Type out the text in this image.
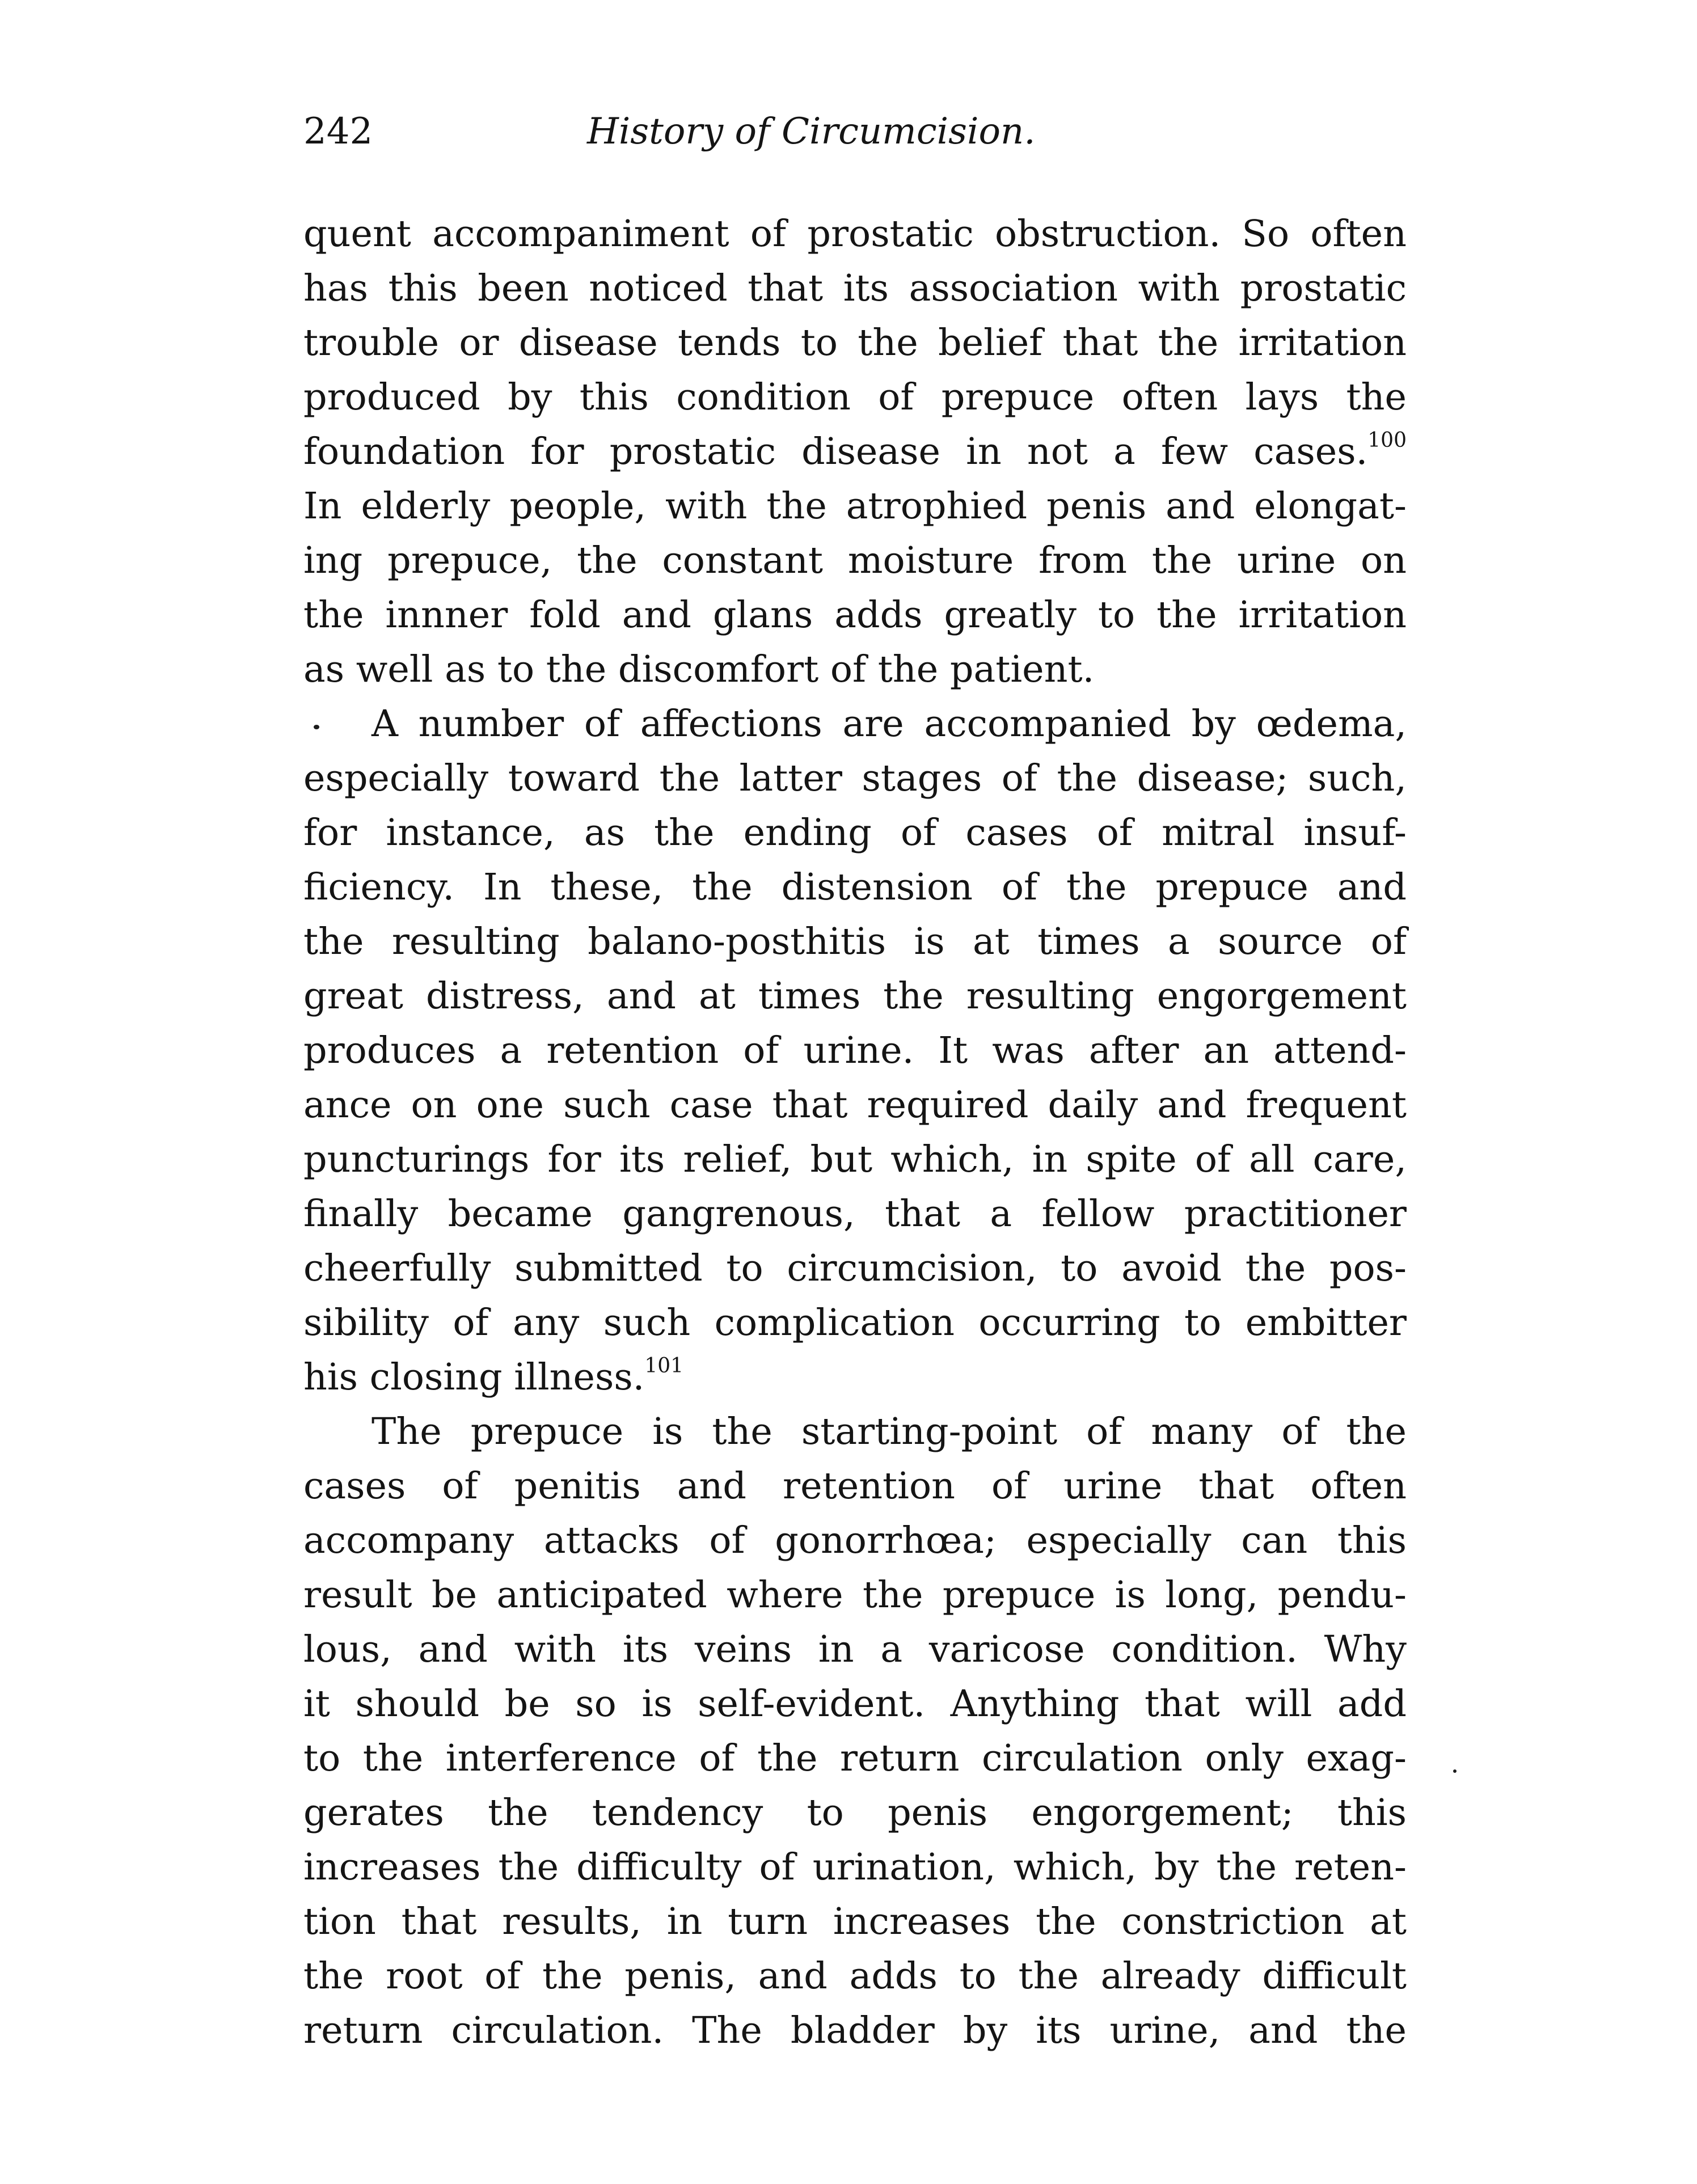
242	History of Circumcision.
quent accompaniment of prostatic obstruction. So often
has this been noticed that its association with prostatic
trouble or disease tends to the belief that the irritation
produced by this condition of prepuce often lays the
foundation for prostatic disease in not a few cases.$^{100}$
In elderly people, with the atrophied penis and elongat-
ing prepuce, the constant moisture from the urine on
the innner fold and glans adds greatly to the irritation
as well as to the discomfort of the patient.
A number of affections are accompanied by œdema,
especially toward the latter stages of the disease; such,
for instance, as the ending of cases of mitral insuf-
ficiency. In these, the distension of the prepuce and
the resulting balano-posthitis is at times a source of
great distress, and at times the resulting engorgement
produces a retention of urine. It was after an attend-
ance on one such case that required daily and frequent
puncturings for its relief, but which, in spite of all care,
finally became gangrenous, that a fellow practitioner
cheerfully submitted to circumcision, to avoid the pos-
sibility of any such complication occurring to embitter
his closing illness.$^{101}$
The prepuce is the starting-point of many of the
cases of penitis and retention of urine that often
accompany attacks of gonorrhœa; especially can this
result be anticipated where the prepuce is long, pendu-
lous, and with its veins in a varicose condition. Why
it should be so is self-evident. Anything that will add
to the interference of the return circulation only exag-
gerates the tendency to penis engorgement; this
increases the difficulty of urination, which, by the reten-
tion that results, in turn increases the constriction at
the root of the penis, and adds to the already difficult
return circulation. The bladder by its urine, and the
